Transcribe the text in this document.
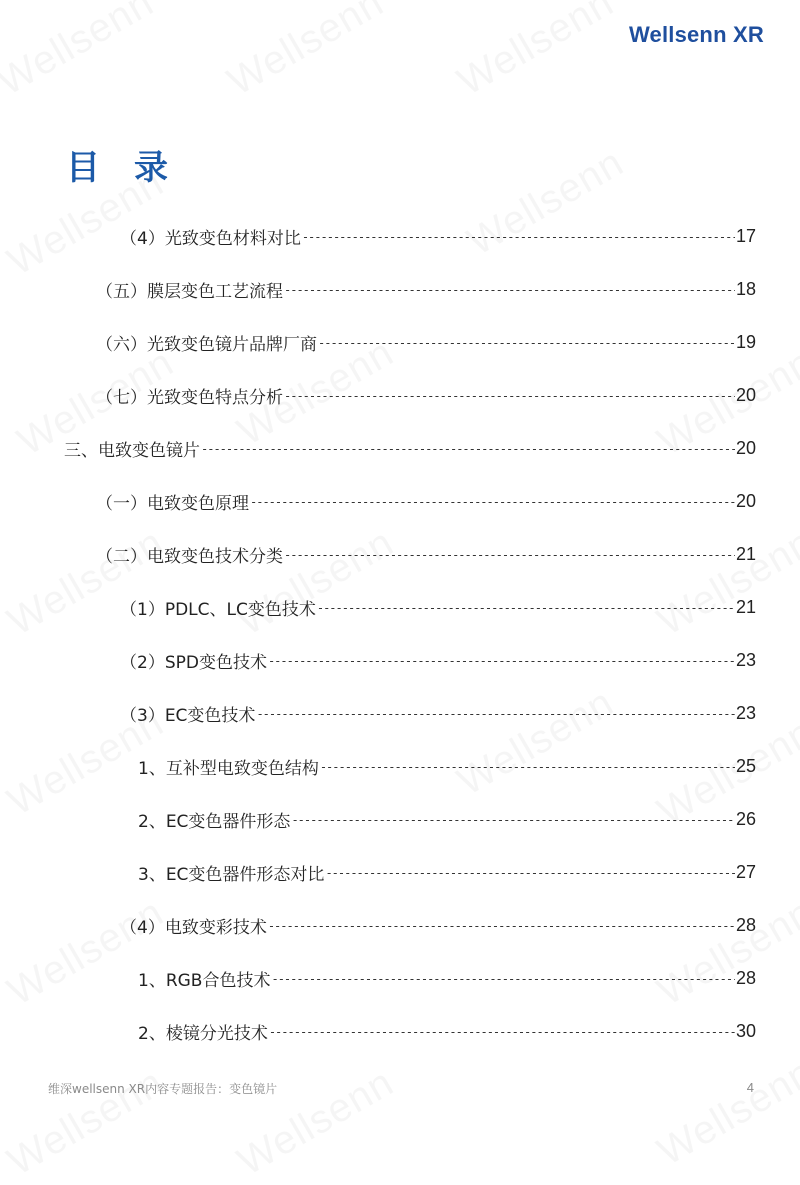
Wellsenn XR
目录
（4）光致变色材料对比 -----	17
（五）膜层变色工艺流程 -----	18
（六）光致变色镜片品牌厂商 -----	19
（七）光致变色特点分析 -----	20
三、电致变色镜片 -----	20
（一）电致变色原理 -----	20
（二）电致变色技术分类 -----	21
（1）PDLC、LC变色技术 -----	21
（2）SPD变色技术 -----	23
（3）EC变色技术 -----	23
1、互补型电致变色结构 -----	25
2、EC变色器件形态 -----	26
3、EC变色器件形态对比 -----	27
（4）电致变彩技术 -----	28
1、RGB合色技术 -----	28
2、棱镜分光技术 -----	30
维深wellsenn XR内容专题报告：变色镜片	4
